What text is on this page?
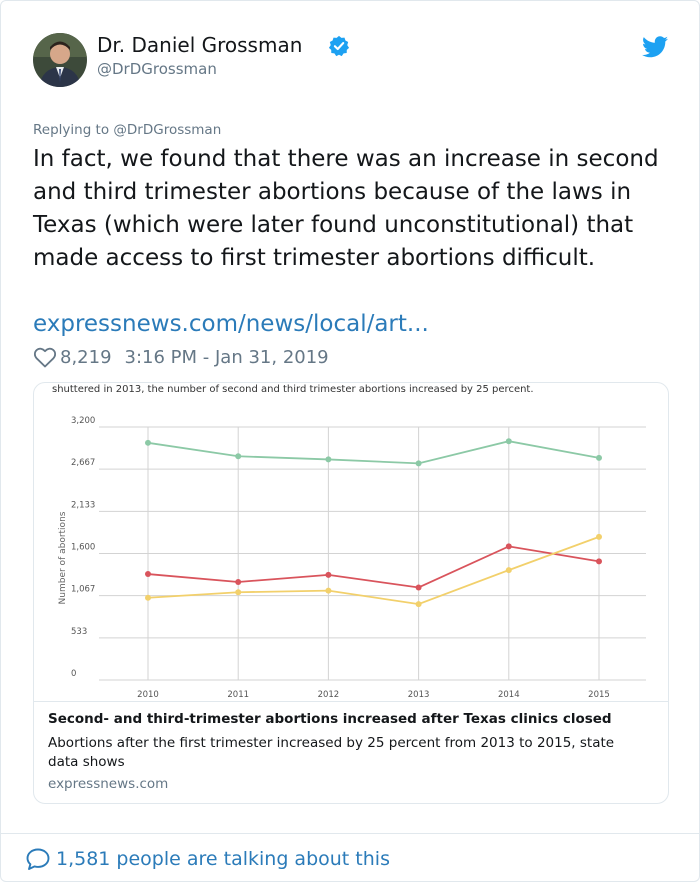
Dr. Daniel Grossman
@DrDGrossman
Replying to @DrDGrossman

In fact, we found that there was an increase in second and third trimester abortions because of the laws in Texas (which were later found unconstitutional) that made access to first trimester abortions difficult.

expressnews.com/news/local/art...
8,219 3:16 PM - Jan 31, 2019
shuttered in 2013, the number of second and third trimester abortions increased by 25 percent.
Number of abortions
0
533
1,067
1,600
2,133
2,667
3,200
2010	2011	2012	2013	2014	2015
Second- and third-trimester abortions increased after Texas clinics closed

Abortions after the first trimester increased by 25 percent from 2013 to 2015, state data shows

expressnews.com
1,581 people are talking about this
